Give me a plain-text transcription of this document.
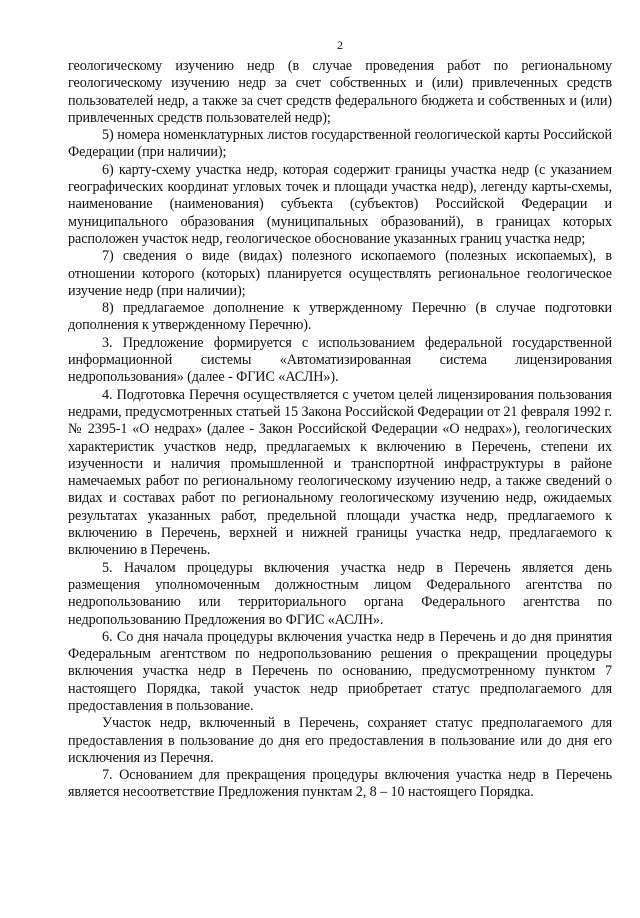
2

геологическому изучению недр (в случае проведения работ по региональному геологическому изучению недр за счет собственных и (или) привлеченных средств пользователей недр, а также за счет средств федерального бюджета и собственных и (или) привлеченных средств пользователей недр);

5) номера номенклатурных листов государственной геологической карты Российской Федерации (при наличии);

6) карту-схему участка недр, которая содержит границы участка недр (с указанием географических координат угловых точек и площади участка недр), легенду карты-схемы, наименование (наименования) субъекта (субъектов) Российской Федерации и муниципального образования (муниципальных образований), в границах которых расположен участок недр, геологическое обоснование указанных границ участка недр;

7) сведения о виде (видах) полезного ископаемого (полезных ископаемых), в отношении которого (которых) планируется осуществлять региональное геологическое изучение недр (при наличии);

8) предлагаемое дополнение к утвержденному Перечню (в случае подготовки дополнения к утвержденному Перечню).

3. Предложение формируется с использованием федеральной государственной информационной системы «Автоматизированная система лицензирования недропользования» (далее - ФГИС «АСЛН»).

4. Подготовка Перечня осуществляется с учетом целей лицензирования пользования недрами, предусмотренных статьей 15 Закона Российской Федерации от 21 февраля 1992 г. № 2395-1 «О недрах» (далее - Закон Российской Федерации «О недрах»), геологических характеристик участков недр, предлагаемых к включению в Перечень, степени их изученности и наличия промышленной и транспортной инфраструктуры в районе намечаемых работ по региональному геологическому изучению недр, а также сведений о видах и составах работ по региональному геологическому изучению недр, ожидаемых результатах указанных работ, предельной площади участка недр, предлагаемого к включению в Перечень, верхней и нижней границы участка недр, предлагаемого к включению в Перечень.

5. Началом процедуры включения участка недр в Перечень является день размещения уполномоченным должностным лицом Федерального агентства по недропользованию или территориального органа Федерального агентства по недропользованию Предложения во ФГИС «АСЛН».

6. Со дня начала процедуры включения участка недр в Перечень и до дня принятия Федеральным агентством по недропользованию решения о прекращении процедуры включения участка недр в Перечень по основанию, предусмотренному пунктом 7 настоящего Порядка, такой участок недр приобретает статус предполагаемого для предоставления в пользование.

Участок недр, включенный в Перечень, сохраняет статус предполагаемого для предоставления в пользование до дня его предоставления в пользование или до дня его исключения из Перечня.

7. Основанием для прекращения процедуры включения участка недр в Перечень является несоответствие Предложения пунктам 2, 8 – 10 настоящего Порядка.
